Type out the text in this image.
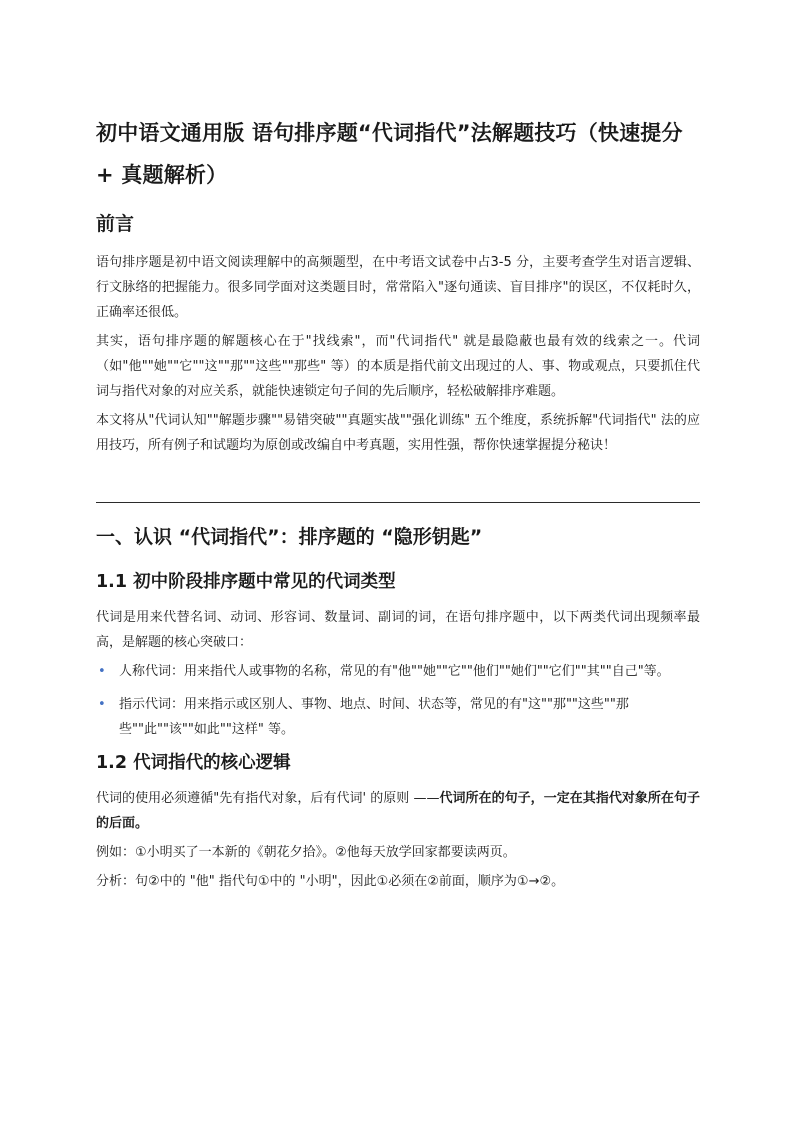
初中语文通用版 语句排序题“代词指代”法解题技巧（快速提分 + 真题解析）
前言

语句排序题是初中语文阅读理解中的高频题型，在中考语文试卷中占3-5 分，主要考查学生对语言逻辑、行文脉络的把握能力。很多同学面对这类题目时，常常陷入"逐句通读、盲目排序"的误区，不仅耗时久，正确率还很低。

其实，语句排序题的解题核心在于"找线索"，而"代词指代" 就是最隐蔽也最有效的线索之一。代词（如"他""她""它""这""那""这些""那些" 等）的本质是指代前文出现过的人、事、物或观点，只要抓住代词与指代对象的对应关系，就能快速锁定句子间的先后顺序，轻松破解排序难题。

本文将从"代词认知""解题步骤""易错突破""真题实战""强化训练" 五个维度，系统拆解"代词指代" 法的应用技巧，所有例子和试题均为原创或改编自中考真题，实用性强，帮你快速掌握提分秘诀！

一、认识 “代词指代”：排序题的 “隐形钥匙”
1.1 初中阶段排序题中常见的代词类型

代词是用来代替名词、动词、形容词、数量词、副词的词，在语句排序题中，以下两类代词出现频率最高，是解题的核心突破口：

• 人称代词：用来指代人或事物的名称，常见的有"他""她""它""他们""她们""它们""其""自己"等。
• 指示代词：用来指示或区别人、事物、地点、时间、状态等，常见的有"这""那""这些""那些""此""该""如此""这样" 等。
1.2 代词指代的核心逻辑

代词的使用必须遵循"先有指代对象，后有代词' 的原则 ——代词所在的句子，一定在其指代对象所在句子的后面。

例如：①小明买了一本新的《朝花夕拾》。②他每天放学回家都要读两页。

分析：句②中的 "他" 指代句①中的 "小明"，因此①必须在②前面，顺序为①→②。
